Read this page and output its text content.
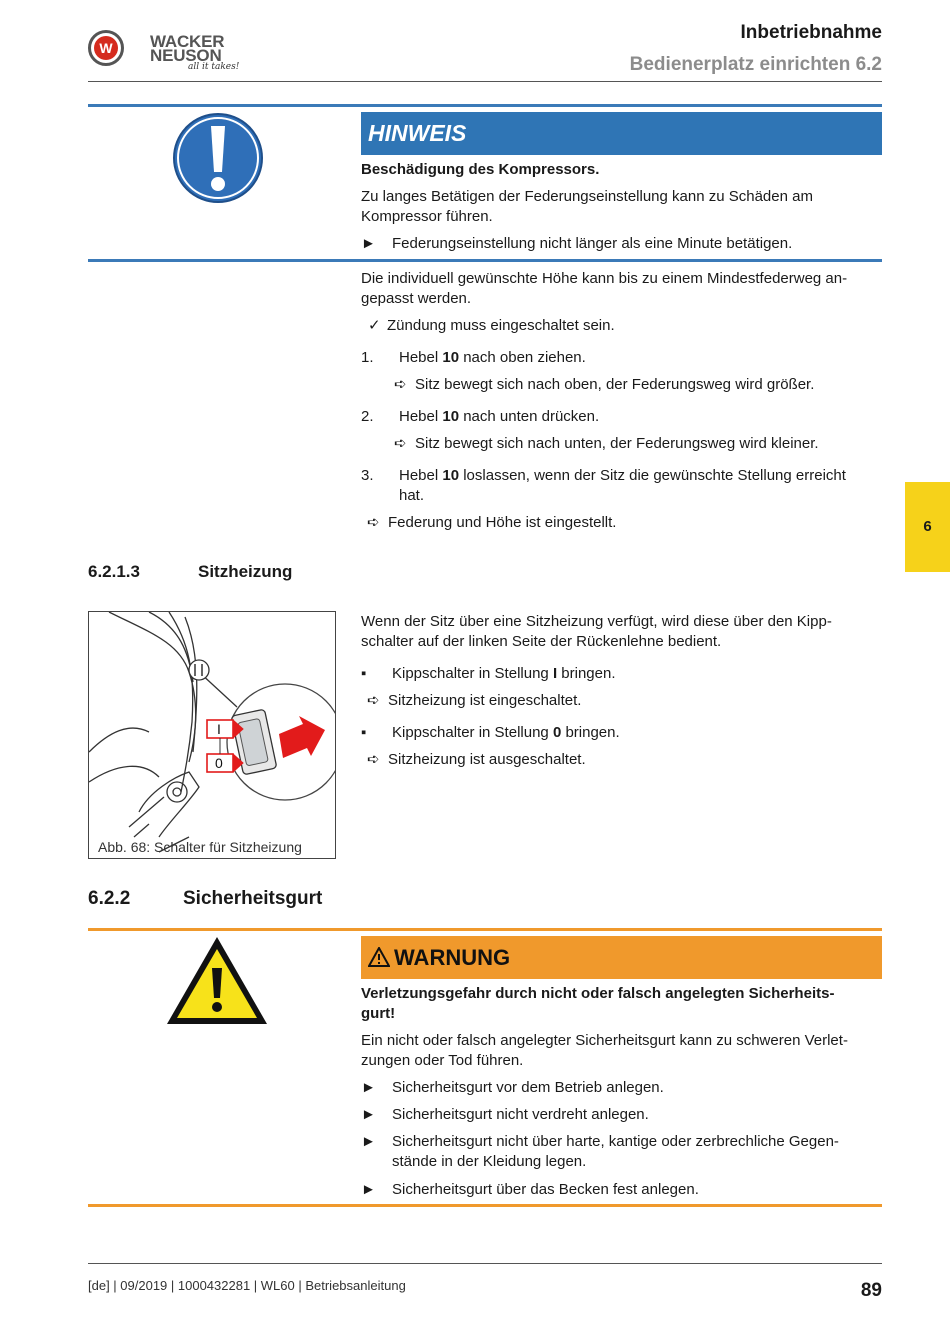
W	WACKER
NEUSON
all it takes!
Inbetriebnahme
Bedienerplatz einrichten 6.2
HINWEIS
Beschädigung des Kompressors.
Zu langes Betätigen der Federungseinstellung kann zu Schäden am
Kompressor führen.
► Federungseinstellung nicht länger als eine Minute betätigen.
Die individuell gewünschte Höhe kann bis zu einem Mindestfederweg an-
gepasst werden.
✓ Zündung muss eingeschaltet sein.
1. Hebel 10 nach oben ziehen.
➪ Sitz bewegt sich nach oben, der Federungsweg wird größer.
2. Hebel 10 nach unten drücken.
➪ Sitz bewegt sich nach unten, der Federungsweg wird kleiner.
3. Hebel 10 loslassen, wenn der Sitz die gewünschte Stellung erreicht
hat.
➪ Federung und Höhe ist eingestellt.
6.2.1.3	Sitzheizung
I
0
Abb. 68: Schalter für Sitzheizung
Wenn der Sitz über eine Sitzheizung verfügt, wird diese über den Kipp-
schalter auf der linken Seite der Rückenlehne bedient.
▪ Kippschalter in Stellung I bringen.
➪ Sitzheizung ist eingeschaltet.
▪ Kippschalter in Stellung 0 bringen.
➪ Sitzheizung ist ausgeschaltet.
6.2.2	Sicherheitsgurt
WARNUNG
Verletzungsgefahr durch nicht oder falsch angelegten Sicherheits-
gurt!
Ein nicht oder falsch angelegter Sicherheitsgurt kann zu schweren Verlet-
zungen oder Tod führen.
► Sicherheitsgurt vor dem Betrieb anlegen.
► Sicherheitsgurt nicht verdreht anlegen.
► Sicherheitsgurt nicht über harte, kantige oder zerbrechliche Gegen-
stände in der Kleidung legen.
► Sicherheitsgurt über das Becken fest anlegen.
6
[de] | 09/2019 | 1000432281 | WL60 | Betriebsanleitung	89
